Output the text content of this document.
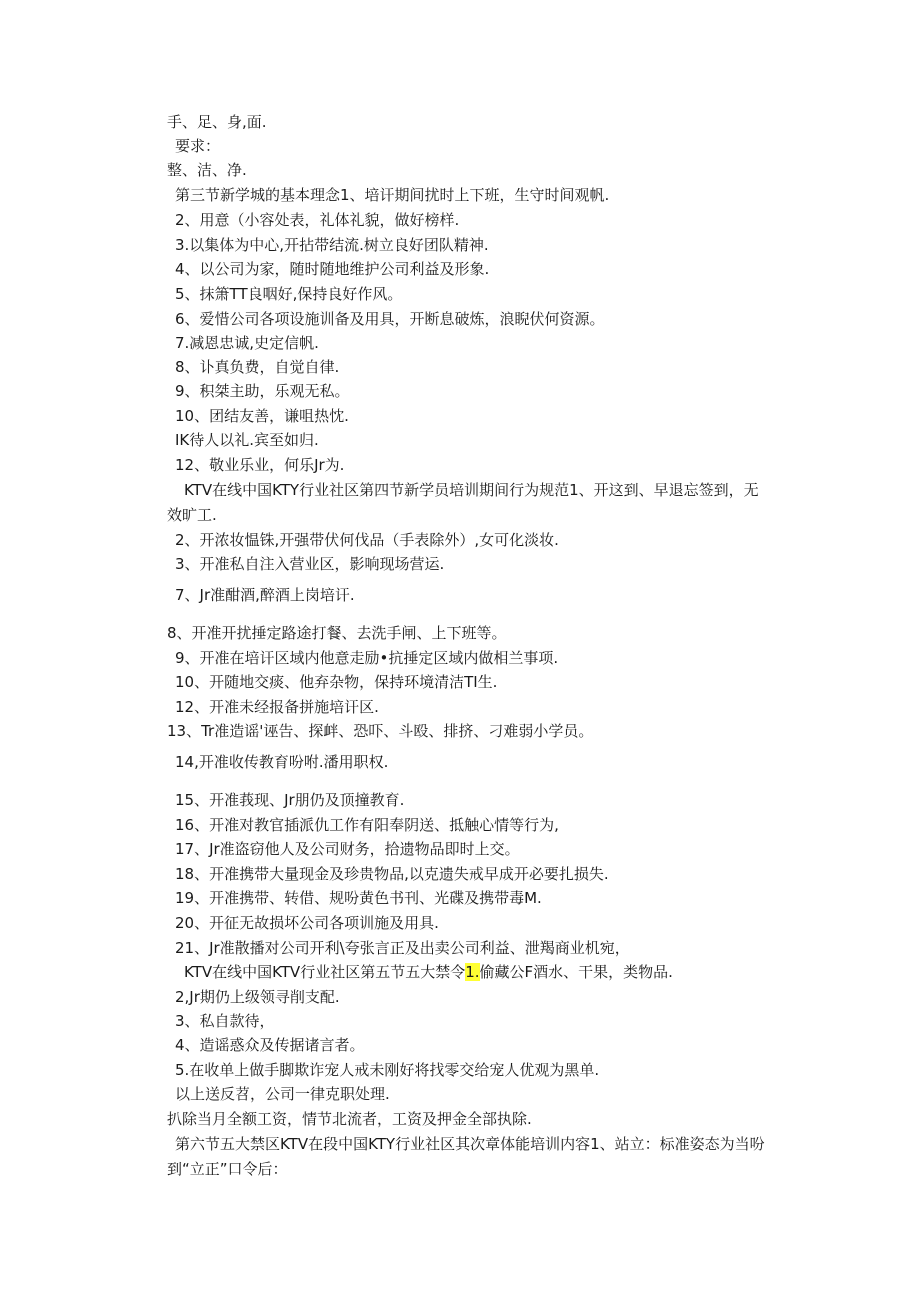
手、足、身,面.
要求：
整、洁、净.
第三节新学城的基本理念1、培讦期间扰时上下班，生守时间观帆.
2、用意（小容处表，礼体礼貌，做好榜样.
3.以集体为中心,开拈带结流.树立良好团队精神.
4、以公司为家，随时随地维护公司利益及形象.
5、抹箫TT良咽好,保持良好作风。
6、爱惜公司各项设施训备及用具，开断息破炼，浪睨伏何资源。
7.减恩忠诚,史定信帆.
8、讣真负费，自觉自律.
9、积桀主助，乐观无私。
10、团结友善，谦咀热忱.
IK待人以礼.宾至如归.
12、敬业乐业，何乐Jr为.
KTV在线中国KTY行业社区第四节新学员培训期间行为规范1、开这到、早退忘签到，无
效旷工.
2、开浓妆愠铢,开强带伏何伐品（手表除外）,女可化淡妆.
3、开准私自注入营业区，影响现场营运.
7、Jr准酣酒,醉酒上岗培讦.
8、开准开扰捶定路途打餐、去洗手闸、上下班等。
9、开准在培讦区域内他意走励•抗捶定区域内做相兰事项.
10、开随地交痰、他弃杂物，保持环境清洁TI生.
12、开准未经报备拼施培讦区.
13、Tr准造谣'诬告、探衅、恐吓、斗殴、排挤、刁难弱小学员。
14,开准收传教育吩咐.潘用职权.
15、开准莪现、Jr朋仍及顶撞教育.
16、开准对教官插派仇工作有阳奉阴送、抵触心情等行为,
17、Jr准盗窃他人及公司财务，拾遗物品即时上交。
18、开准携带大量现金及珍贵物品,以克遗失戒早成开必要扎损失.
19、开准携带、转借、规吩黄色书刊、光碟及携带毒M.
20、开征无故损坏公司各项训施及用具.
21、Jr准散播对公司开利\夸张言正及出卖公司利益、泄羯商业机宛，
KTV在线中国KTV行业社区第五节五大禁令1.偷藏公F酒水、干果，类物品.
2,Jr期仍上级领寻削支配.
3、私自款待，
4、造谣惑众及传据诸言者。
5.在收单上做手脚欺诈宠人戒未刚好将找零交给宠人优观为黑单.
以上送反苕，公司一律克职处理.
扒除当月全额工资，情节北流者，工资及押金全部执除.
第六节五大禁区KTV在段中国KTY行业社区其次章体能培训内容1、站立：标准姿态为当吩
到“立正”口令后：
